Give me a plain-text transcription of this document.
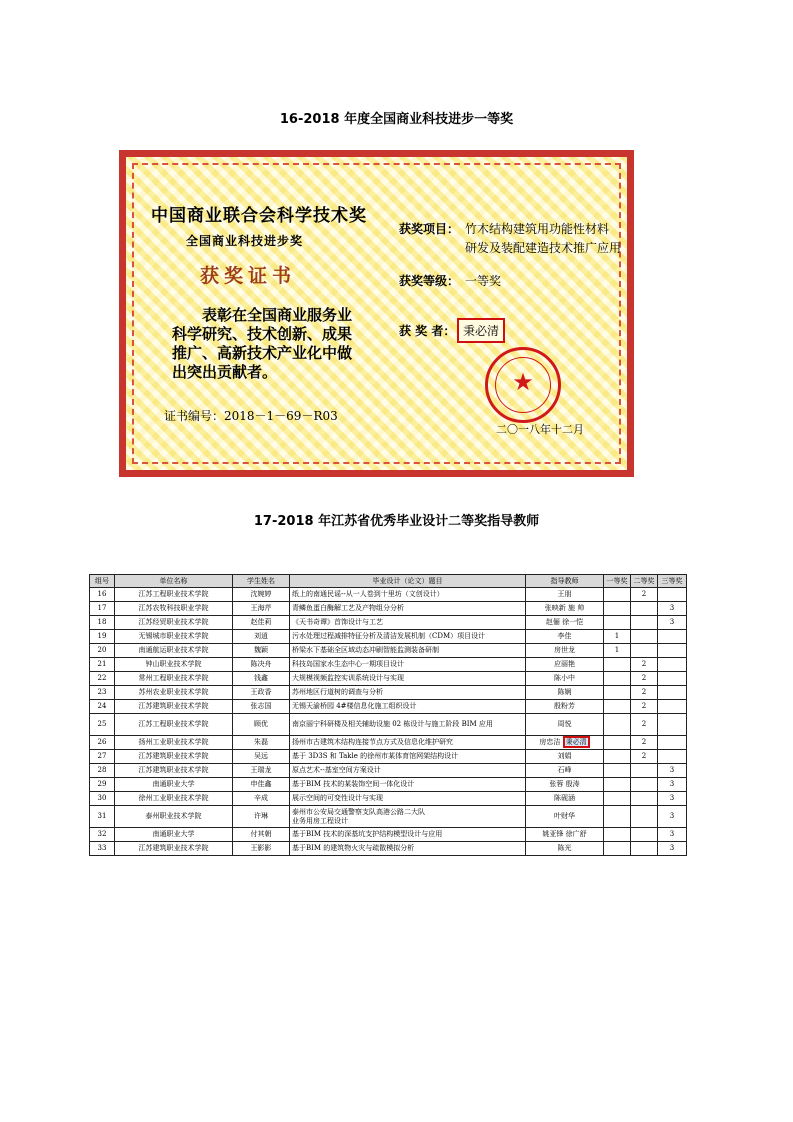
16-2018 年度全国商业科技进步一等奖
中国商业联合会科学技术奖
全国商业科技进步奖
获奖证书
表彰在全国商业服务业
科学研究、技术创新、成果
推广、高新技术产业化中做
出突出贡献者。
证书编号：2018－1－69－R03
获奖项目： 竹木结构建筑用功能性材料
研发及装配建造技术推广应用
获奖等级： 一等奖
获 奖 者： 秉必清
★
二〇一八年十二月
17-2018 年江苏省优秀毕业设计二等奖指导教师
组号	单位名称	学生姓名	毕业设计（论文）题目	指导教师	一等奖	二等奖	三等奖
16	江苏工程职业技术学院	沈婉婷	纸上的南通民谣--从一人卷到十里坊（文创设计）	王朋		2	
17	江苏农牧科技职业学院	王海芹	青鳞鱼蛋白酶解工艺及产物组分分析	张映新 施 帅			3
18	江苏经贸职业技术学院	赵佳莉	《天书奇谭》首饰设计与工艺	赵俪 徐一恺			3
19	无锡城市职业技术学院	刘逍	污水处理过程减排特征分析及清洁发展机制（CDM）项目设计	李佳	1		
20	南通航运职业技术学院	魏颖	桥梁水下基础全区域动态冲刷智能监测装备研制	房世龙	1		
21	钟山职业技术学院	陈决舟	科技岛国家水生态中心一期项目设计	应丽艳		2	
22	常州工程职业技术学院	钱鑫	大规模视频监控实训系统设计与实现	陈小中		2	
23	苏州农业职业技术学院	王政香	苏州地区行道树的调查与分析	陈娴		2	
24	江苏建筑职业技术学院	张志国	无锡天渝桥园 4#楼信息化施工组织设计	殷粉芳		2	
25	江苏工程职业技术学院	顾优	南京丽宁科研楼及相关辅助设施 02 栋设计与施工阶段 BIM 应用	周悦		2	
26	扬州工业职业技术学院	朱磊	扬州市古建筑木结构连接节点方式及信息化维护研究	房忠洁 秉必清		2	
27	江苏建筑职业技术学院	吴远	基于 3D3S 和 Takle 的徐州市某体育馆网架结构设计	刘娟		2	
28	江苏建筑职业技术学院	王瑞龙	原点艺术--基室空间方案设计	石峰			3
29	南通职业大学	申佳鑫	基于BIM 技术的某装饰空间一体化设计	张蓉 殷涛			3
30	徐州工业职业技术学院	辛成	展示空间的可变性设计与实现	陈砚涵			3
31	泰州职业技术学院	许琳	泰州市公安局交通警察支队高港公路二大队
业务用房工程设计	叶财华			3
32	南通职业大学	付其朝	基于BIM 技术的深基坑支护结构模型设计与应用	姚亚锋 徐广舒			3
33	江苏建筑职业技术学院	王影影	基于BIM 的建筑物火灾与疏散模拟分析	陈光			3
